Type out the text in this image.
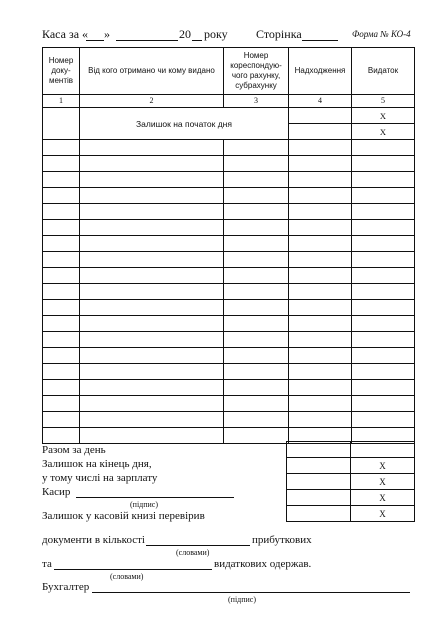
Каса за « »	20 року Сторінка	Форма № КО-4
Номер доку-ментів	Від кого отримано чи кому видано	Номер кореспондую-чого рахунку, субрахунку	Надходження	Видаток
1	2	3	4	5
	Залишок на початок дня			X
				X

	X
	X
	X
	X
Разом за день
Залишок на кінець дня,
у тому числі на зарплату
Касир
(підпис)
Залишок у касовій книзі перевірив
документи в кількості	прибуткових
(словами)
та	видаткових одержав.
(словами)
Бухгалтер
(підпис)
